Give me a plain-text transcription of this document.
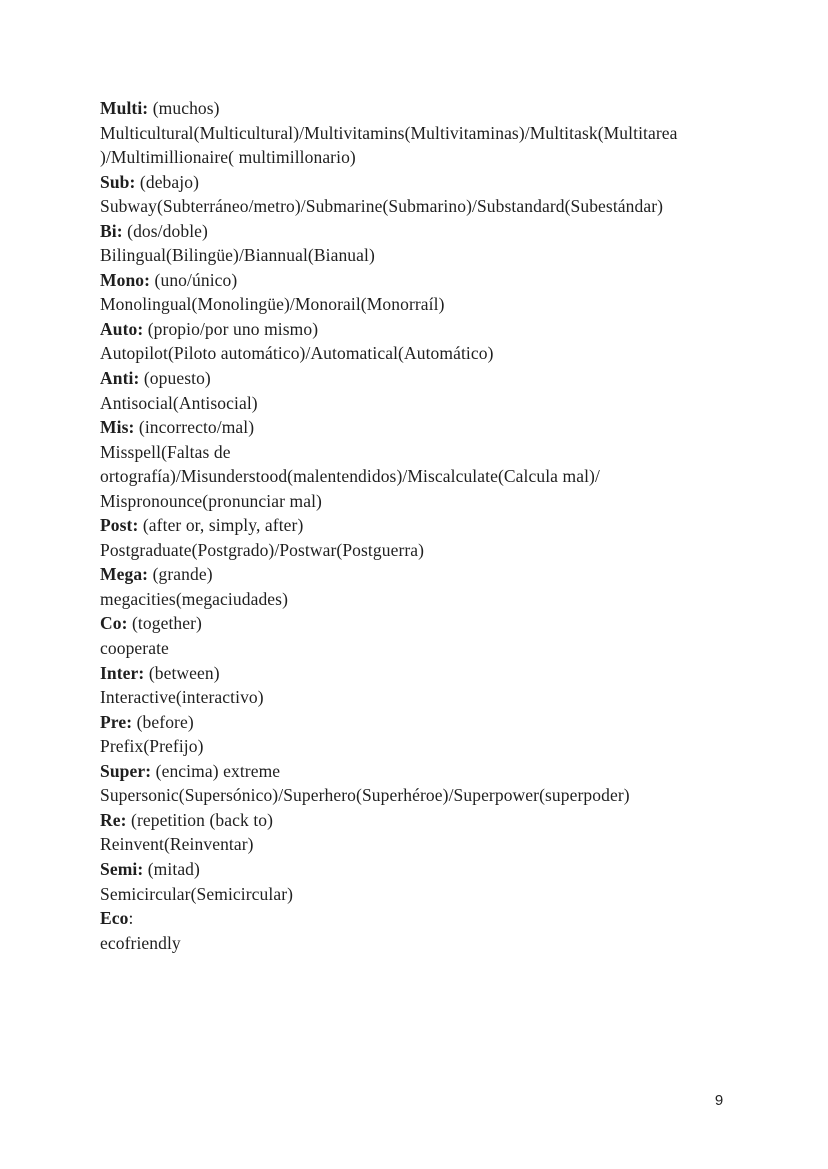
Multi: (muchos)
Multicultural(Multicultural)/Multivitamins(Multivitaminas)/Multitask(Multitarea
)/Multimillionaire( multimillonario)
Sub: (debajo)
Subway(Subterráneo/metro)/Submarine(Submarino)/Substandard(Subestándar)
Bi: (dos/doble)
Bilingual(Bilingüe)/Biannual(Bianual)
Mono: (uno/único)
Monolingual(Monolingüe)/Monorail(Monorraíl)
Auto: (propio/por uno mismo)
Autopilot(Piloto automático)/Automatical(Automático)
Anti: (opuesto)
Antisocial(Antisocial)
Mis: (incorrecto/mal)
Misspell(Faltas de
ortografía)/Misunderstood(malentendidos)/Miscalculate(Calcula mal)/
Mispronounce(pronunciar mal)
Post: (after or, simply, after)
Postgraduate(Postgrado)/Postwar(Postguerra)
Mega: (grande)
megacities(megaciudades)
Co: (together)
cooperate
Inter: (between)
Interactive(interactivo)
Pre: (before)
Prefix(Prefijo)
Super: (encima) extreme
Supersonic(Supersónico)/Superhero(Superhéroe)/Superpower(superpoder)
Re: (repetition (back to)
Reinvent(Reinventar)
Semi: (mitad)
Semicircular(Semicircular)
Eco:
ecofriendly
9
